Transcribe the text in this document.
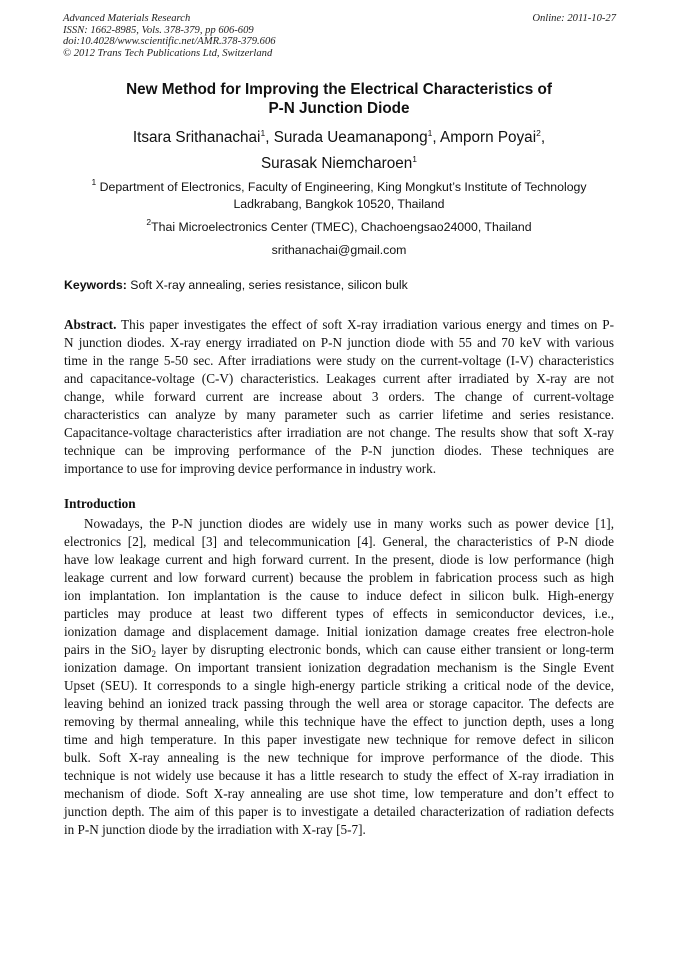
Advanced Materials Research
ISSN: 1662-8985, Vols. 378-379, pp 606-609
doi:10.4028/www.scientific.net/AMR.378-379.606
© 2012 Trans Tech Publications Ltd, Switzerland
Online: 2011-10-27
New Method for Improving the Electrical Characteristics of
P-N Junction Diode
Itsara Srithanachai$^1$, Surada Ueamanapong$^1$, Amporn Poyai$^2$,
Surasak Niemcharoen$^1$
$^1$ Department of Electronics, Faculty of Engineering, King Mongkut’s Institute of Technology
Ladkrabang, Bangkok 10520, Thailand
$^2$Thai Microelectronics Center (TMEC), Chachoengsao24000, Thailand
srithanachai@gmail.com
Keywords: Soft X-ray annealing, series resistance, silicon bulk
Abstract. This paper investigates the effect of soft X-ray irradiation various energy and times on P-
N junction diodes. X-ray energy irradiated on P-N junction diode with 55 and 70 keV with various
time in the range 5-50 sec. After irradiations were study on the current-voltage (I-V) characteristics
and capacitance-voltage (C-V) characteristics. Leakages current after irradiated by X-ray are not
change, while forward current are increase about 3 orders. The change of current-voltage
characteristics can analyze by many parameter such as carrier lifetime and series resistance.
Capacitance-voltage characteristics after irradiation are not change. The results show that soft X-ray
technique can be improving performance of the P-N junction diodes. These techniques are
importance to use for improving device performance in industry work.
Introduction
Nowadays, the P-N junction diodes are widely use in many works such as power device [1],
electronics [2], medical [3] and telecommunication [4]. General, the characteristics of P-N diode
have low leakage current and high forward current. In the present, diode is low performance (high
leakage current and low forward current) because the problem in fabrication process such as high
ion implantation. Ion implantation is the cause to induce defect in silicon bulk. High-energy
particles may produce at least two different types of effects in semiconductor devices, i.e.,
ionization damage and displacement damage. Initial ionization damage creates free electron-hole
pairs in the SiO$_2$ layer by disrupting electronic bonds, which can cause either transient or long-term
ionization damage. On important transient ionization degradation mechanism is the Single Event
Upset (SEU). It corresponds to a single high-energy particle striking a critical node of the device,
leaving behind an ionized track passing through the well area or storage capacitor. The defects are
removing by thermal annealing, while this technique have the effect to junction depth, uses a long
time and high temperature. In this paper investigate new technique for remove defect in silicon
bulk. Soft X-ray annealing is the new technique for improve performance of the diode. This
technique is not widely use because it has a little research to study the effect of X-ray irradiation in
mechanism of diode. Soft X-ray annealing are use shot time, low temperature and don’t effect to
junction depth. The aim of this paper is to investigate a detailed characterization of radiation defects
in P-N junction diode by the irradiation with X-ray [5-7].
